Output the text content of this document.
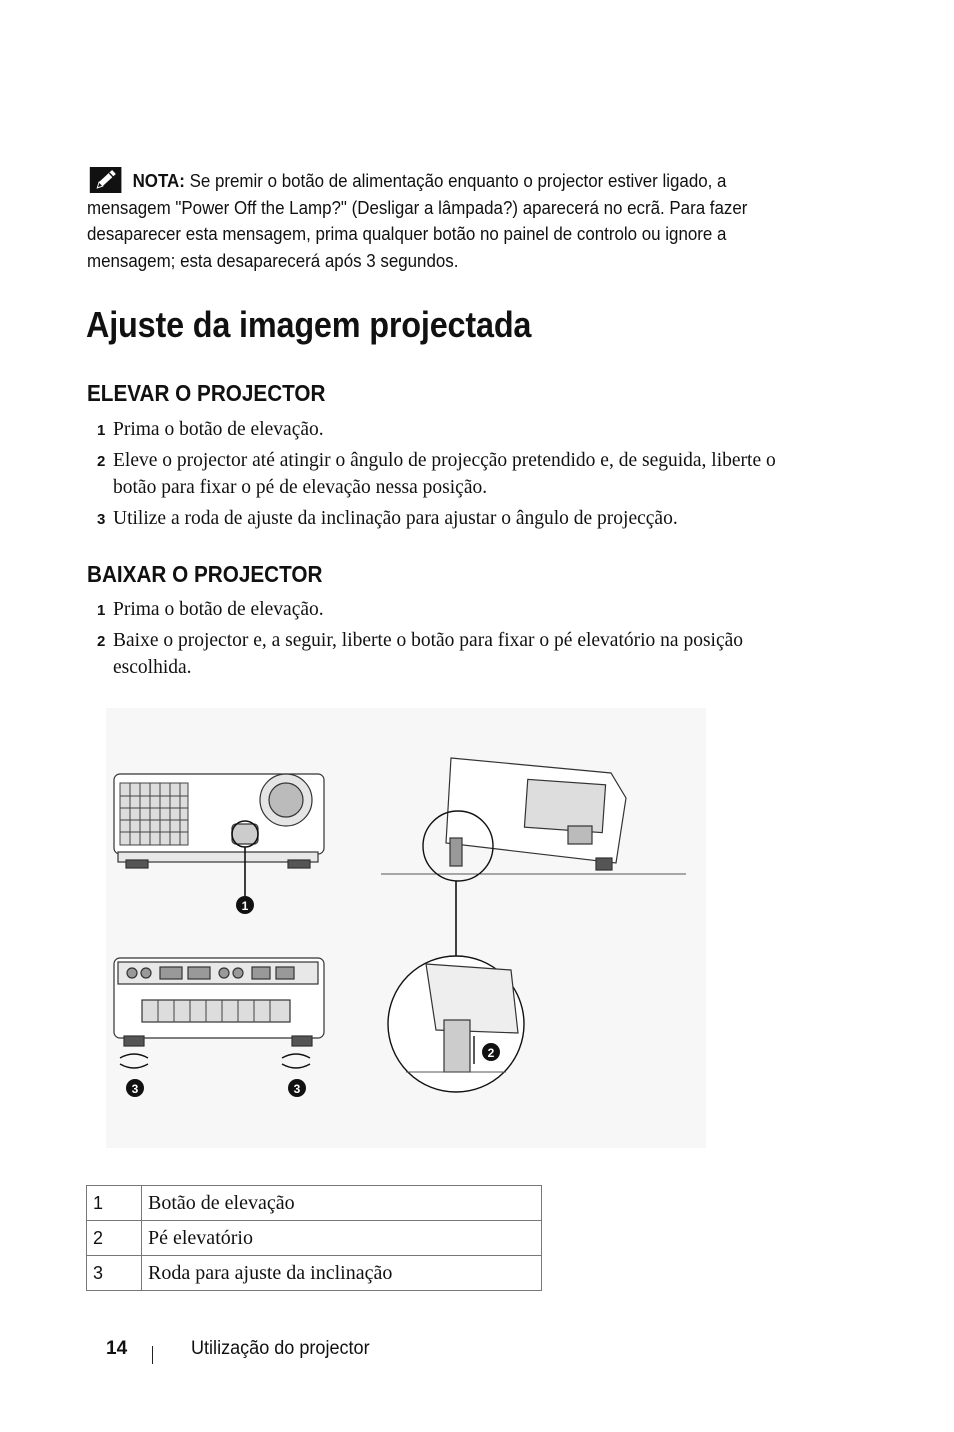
NOTA: Se premir o botão de alimentação enquanto o projector estiver ligado, a mensagem "Power Off the Lamp?" (Desligar a lâmpada?) aparecerá no ecrã. Para fazer desaparecer esta mensagem, prima qualquer botão no painel de controlo ou ignore a mensagem; esta desaparecerá após 3 segundos.
Ajuste da imagem projectada
ELEVAR O PROJECTOR
1 Prima o botão de elevação.
2 Eleve o projector até atingir o ângulo de projecção pretendido e, de seguida, liberte o botão para fixar o pé de elevação nessa posição.
3 Utilize a roda de ajuste da inclinação para ajustar o ângulo de projecção.
BAIXAR O PROJECTOR
1 Prima o botão de elevação.
2 Baixe o projector e, a seguir, liberte o botão para fixar o pé elevatório na posição escolhida.
1
3	3
2
1	Botão de elevação
2	Pé elevatório
3	Roda para ajuste da inclinação
14	Utilização do projector
